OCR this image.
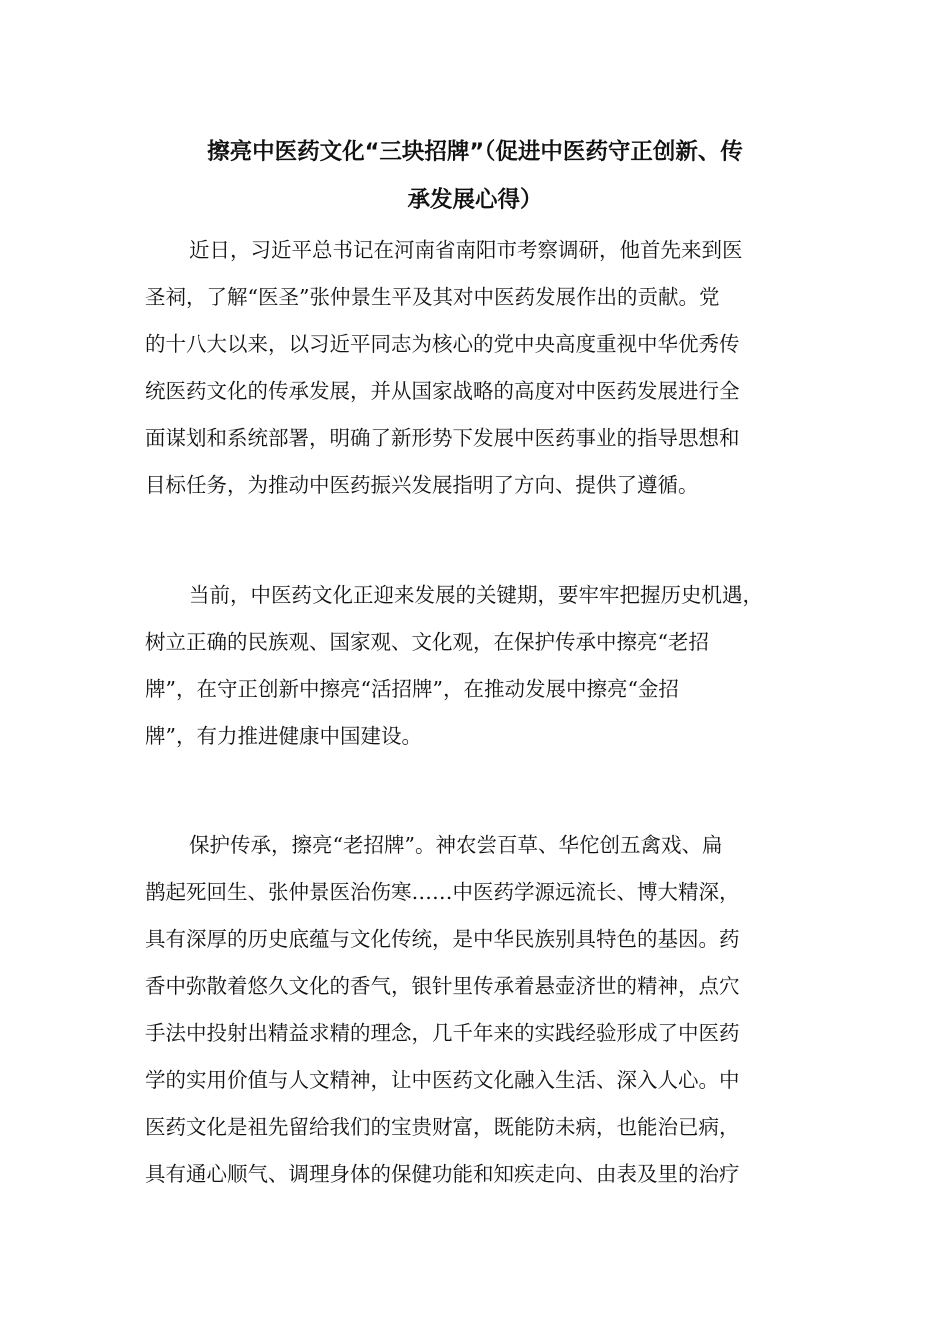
擦亮中医药文化“三块招牌”（促进中医药守正创新、传
承发展心得）
近日，习近平总书记在河南省南阳市考察调研，他首先来到医
圣祠，了解“医圣”张仲景生平及其对中医药发展作出的贡献。党
的十八大以来，以习近平同志为核心的党中央高度重视中华优秀传
统医药文化的传承发展，并从国家战略的高度对中医药发展进行全
面谋划和系统部署，明确了新形势下发展中医药事业的指导思想和
目标任务，为推动中医药振兴发展指明了方向、提供了遵循。
当前，中医药文化正迎来发展的关键期，要牢牢把握历史机遇，
树立正确的民族观、国家观、文化观，在保护传承中擦亮“老招
牌”，在守正创新中擦亮“活招牌”，在推动发展中擦亮“金招
牌”，有力推进健康中国建设。
保护传承，擦亮“老招牌”。神农尝百草、华佗创五禽戏、扁
鹊起死回生、张仲景医治伤寒……中医药学源远流长、博大精深，
具有深厚的历史底蕴与文化传统，是中华民族别具特色的基因。药
香中弥散着悠久文化的香气，银针里传承着悬壶济世的精神，点穴
手法中投射出精益求精的理念，几千年来的实践经验形成了中医药
学的实用价值与人文精神，让中医药文化融入生活、深入人心。中
医药文化是祖先留给我们的宝贵财富，既能防未病，也能治已病，
具有通心顺气、调理身体的保健功能和知疾走向、由表及里的治疗
